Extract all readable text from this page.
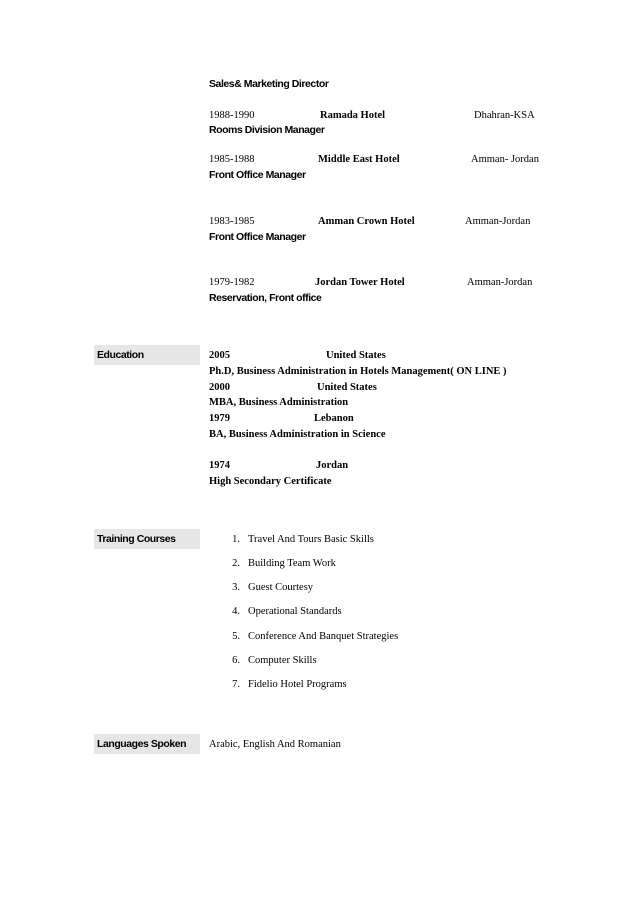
Sales& Marketing Director
1988-1990	Ramada Hotel	Dhahran-KSA
Rooms Division Manager
1985-1988	Middle East Hotel	Amman- Jordan
Front Office Manager
1983-1985	Amman Crown Hotel	Amman-Jordan
Front Office Manager
1979-1982	Jordan Tower Hotel	Amman-Jordan
Reservation, Front office
Education	2005	United States
Ph.D, Business Administration in Hotels Management( ON LINE )
2000	United States
MBA, Business Administration
1979	Lebanon
BA, Business Administration in Science
1974	Jordan
High Secondary Certificate
Training Courses	1. Travel And Tours Basic Skills
2. Building Team Work
3. Guest Courtesy
4. Operational Standards
5. Conference And Banquet Strategies
6. Computer Skills
7. Fidelio Hotel Programs
Languages Spoken	Arabic, English And Romanian
